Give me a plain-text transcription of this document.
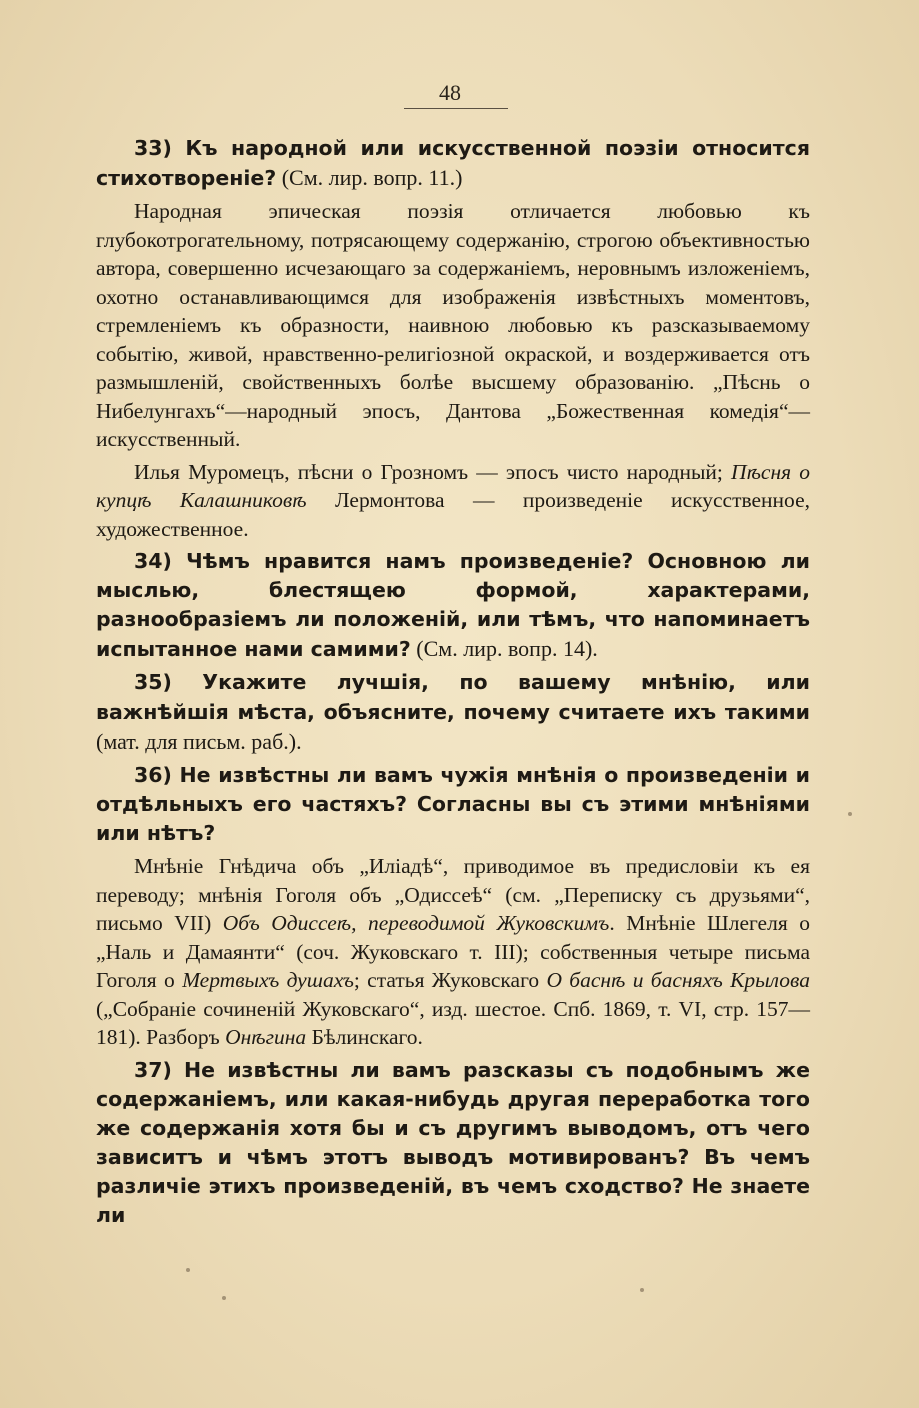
48

33) Къ народной или искусственной поэзіи относится стихотвореніе? (См. лир. вопр. 11.)

Народная эпическая поэзія отличается любовью къ глубокотрогательному, потрясающему содержанію, строгою объективностью автора, совершенно исчезающаго за содержаніемъ, неровнымъ изложеніемъ, охотно останавливающимся для изображенія извѣстныхъ моментовъ, стремленіемъ къ образности, наивною любовью къ разсказываемому событію, живой, нравственно-религіозной окраской, и воздерживается отъ размышленій, свойственныхъ болѣе высшему образованію. „Пѣснь о Нибелунгахъ“—народный эпосъ, Дантова „Божественная комедія“—искусственный.

Илья Муромецъ, пѣсни о Грозномъ — эпосъ чисто народный; Пѣсня о купцѣ Калашниковѣ Лермонтова — произведеніе искусственное, художественное.

34) Чѣмъ нравится намъ произведеніе? Основною ли мыслью, блестящею формой, характерами, разнообразіемъ ли положеній, или тѣмъ, что напоминаетъ испытанное нами самими? (См. лир. вопр. 14).

35) Укажите лучшія, по вашему мнѣнію, или важнѣйшія мѣста, объясните, почему считаете ихъ такими (мат. для письм. раб.).

36) Не извѣстны ли вамъ чужія мнѣнія о произведеніи и отдѣльныхъ его частяхъ? Согласны вы съ этими мнѣніями или нѣтъ?

Мнѣніе Гнѣдича объ „Иліадѣ“, приводимое въ предисловіи къ ея переводу; мнѣнія Гоголя объ „Одиссеѣ“ (см. „Переписку съ друзьями“, письмо VII) Объ Одиссеѣ, переводимой Жуковскимъ. Мнѣніе Шлегеля о „Наль и Дамаянти“ (соч. Жуковскаго т. III); собственныя четыре письма Гоголя о Мертвыхъ душахъ; статья Жуковскаго О баснѣ и басняхъ Крылова („Собраніе сочиненій Жуковскаго“, изд. шестое. Спб. 1869, т. VI, стр. 157—181). Разборъ Онѣгина Бѣлинскаго.

37) Не извѣстны ли вамъ разсказы съ подобнымъ же содержаніемъ, или какая-нибудь другая переработка того же содержанія хотя бы и съ другимъ выводомъ, отъ чего зависитъ и чѣмъ этотъ выводъ мотивированъ? Въ чемъ различіе этихъ произведеній, въ чемъ сходство? Не знаете ли
